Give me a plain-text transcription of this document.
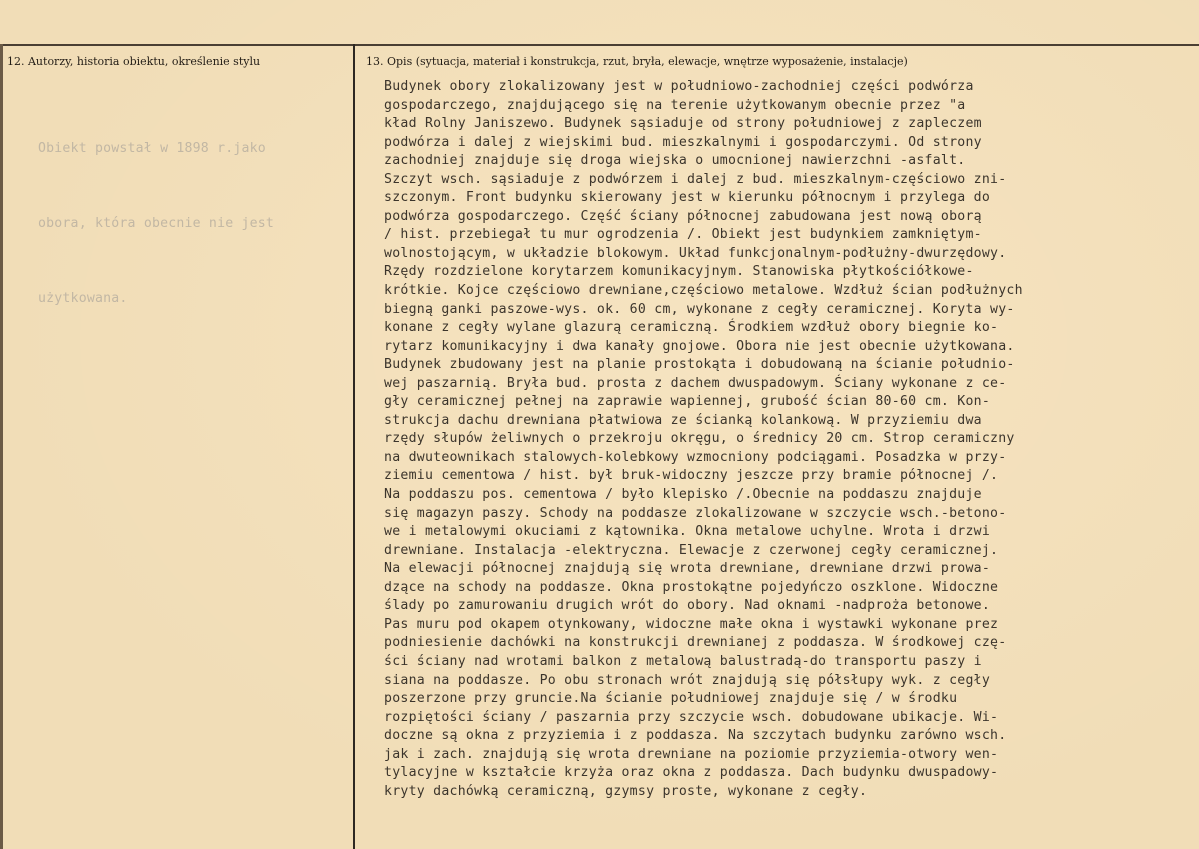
12. Autorzy, historia obiektu, określenie stylu	13. Opis (sytuacja, materiał i konstrukcja, rzut, bryła, elewacje, wnętrze wyposażenie, instalacje)

Obiekt powstał w 1898 r.jako

obora, która obecnie nie jest

użytkowana.

Budynek obory zlokalizowany jest w południowo-zachodniej części podwórza
gospodarczego, znajdującego się na terenie użytkowanym obecnie przez "a
kład Rolny Janiszewo. Budynek sąsiaduje od strony południowej z zapleczem
podwórza i dalej z wiejskimi bud. mieszkalnymi i gospodarczymi. Od strony
zachodniej znajduje się droga wiejska o umocnionej nawierzchni -asfalt.
Szczyt wsch. sąsiaduje z podwórzem i dalej z bud. mieszkalnym-częściowo zni-
szczonym. Front budynku skierowany jest w kierunku północnym i przylega do
podwórza gospodarczego. Część ściany północnej zabudowana jest nową oborą
/ hist. przebiegał tu mur ogrodzenia /. Obiekt jest budynkiem zamkniętym-
wolnostojącym, w układzie blokowym. Układ funkcjonalnym-podłużny-dwurzędowy.
Rzędy rozdzielone korytarzem komunikacyjnym. Stanowiska płytkościółkowe-
krótkie. Kojce częściowo drewniane,częściowo metalowe. Wzdłuż ścian podłużnych
biegną ganki paszowe-wys. ok. 60 cm, wykonane z cegły ceramicznej. Koryta wy-
konane z cegły wylane glazurą ceramiczną. Środkiem wzdłuż obory biegnie ko-
rytarz komunikacyjny i dwa kanały gnojowe. Obora nie jest obecnie użytkowana.
Budynek zbudowany jest na planie prostokąta i dobudowaną na ścianie południo-
wej paszarnią. Bryła bud. prosta z dachem dwuspadowym. Ściany wykonane z ce-
gły ceramicznej pełnej na zaprawie wapiennej, grubość ścian 80-60 cm. Kon-
strukcja dachu drewniana płatwiowa ze ścianką kolankową. W przyziemiu dwa
rzędy słupów żeliwnych o przekroju okręgu, o średnicy 20 cm. Strop ceramiczny
na dwuteownikach stalowych-kolebkowy wzmocniony podciągami. Posadzka w przy-
ziemiu cementowa / hist. był bruk-widoczny jeszcze przy bramie północnej /.
Na poddaszu pos. cementowa / było klepisko /.Obecnie na poddaszu znajduje
się magazyn paszy. Schody na poddasze zlokalizowane w szczycie wsch.-betono-
we i metalowymi okuciami z kątownika. Okna metalowe uchylne. Wrota i drzwi
drewniane. Instalacja -elektryczna. Elewacje z czerwonej cegły ceramicznej.
Na elewacji północnej znajdują się wrota drewniane, drewniane drzwi prowa-
dzące na schody na poddasze. Okna prostokątne pojedyńczo oszklone. Widoczne
ślady po zamurowaniu drugich wrót do obory. Nad oknami -nadproża betonowe.
Pas muru pod okapem otynkowany, widoczne małe okna i wystawki wykonane prez
podniesienie dachówki na konstrukcji drewnianej z poddasza. W środkowej czę-
ści ściany nad wrotami balkon z metalową balustradą-do transportu paszy i
siana na poddasze. Po obu stronach wrót znajdują się półsłupy wyk. z cegły
poszerzone przy gruncie.Na ścianie południowej znajduje się / w środku
rozpiętości ściany / paszarnia przy szczycie wsch. dobudowane ubikacje. Wi-
doczne są okna z przyziemia i z poddasza. Na szczytach budynku zarówno wsch.
jak i zach. znajdują się wrota drewniane na poziomie przyziemia-otwory wen-
tylacyjne w kształcie krzyża oraz okna z poddasza. Dach budynku dwuspadowy-
kryty dachówką ceramiczną, gzymsy proste, wykonane z cegły.
